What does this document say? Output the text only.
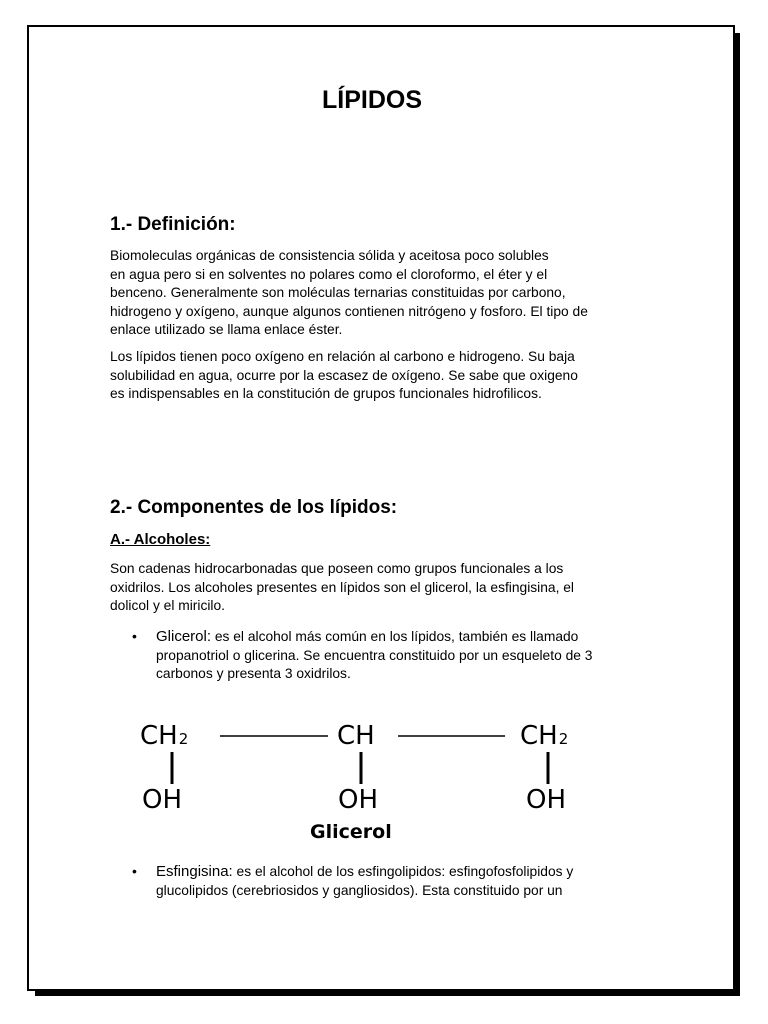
LÍPIDOS
1.- Definición:
Biomoleculas orgánicas de consistencia sólida y aceitosa poco solubles
en agua pero si en solventes no polares como el cloroformo, el éter y el
benceno. Generalmente son moléculas ternarias constituidas por carbono,
hidrogeno y oxígeno, aunque algunos contienen nitrógeno y fosforo. El tipo de
enlace utilizado se llama enlace éster.
Los lípidos tienen poco oxígeno en relación al carbono e hidrogeno. Su baja
solubilidad en agua, ocurre por la escasez de oxígeno. Se sabe que oxigeno
es indispensables en la constitución de grupos funcionales hidrofilicos.
2.- Componentes de los lípidos:
A.- Alcoholes:
Son cadenas hidrocarbonadas que poseen como grupos funcionales a los
oxidrilos. Los alcoholes presentes en lípidos son el glicerol, la esfingisina, el
dolicol y el miricilo.
• Glicerol: es el alcohol más común en los lípidos, también es llamado
propanotriol o glicerina. Se encuentra constituido por un esqueleto de 3
carbonos y presenta 3 oxidrilos.
CH2	CH	CH2
OH	OH	OH
Glicerol
• Esfingisina: es el alcohol de los esfingolipidos: esfingofosfolipidos y
glucolipidos (cerebriosidos y gangliosidos). Esta constituido por un
